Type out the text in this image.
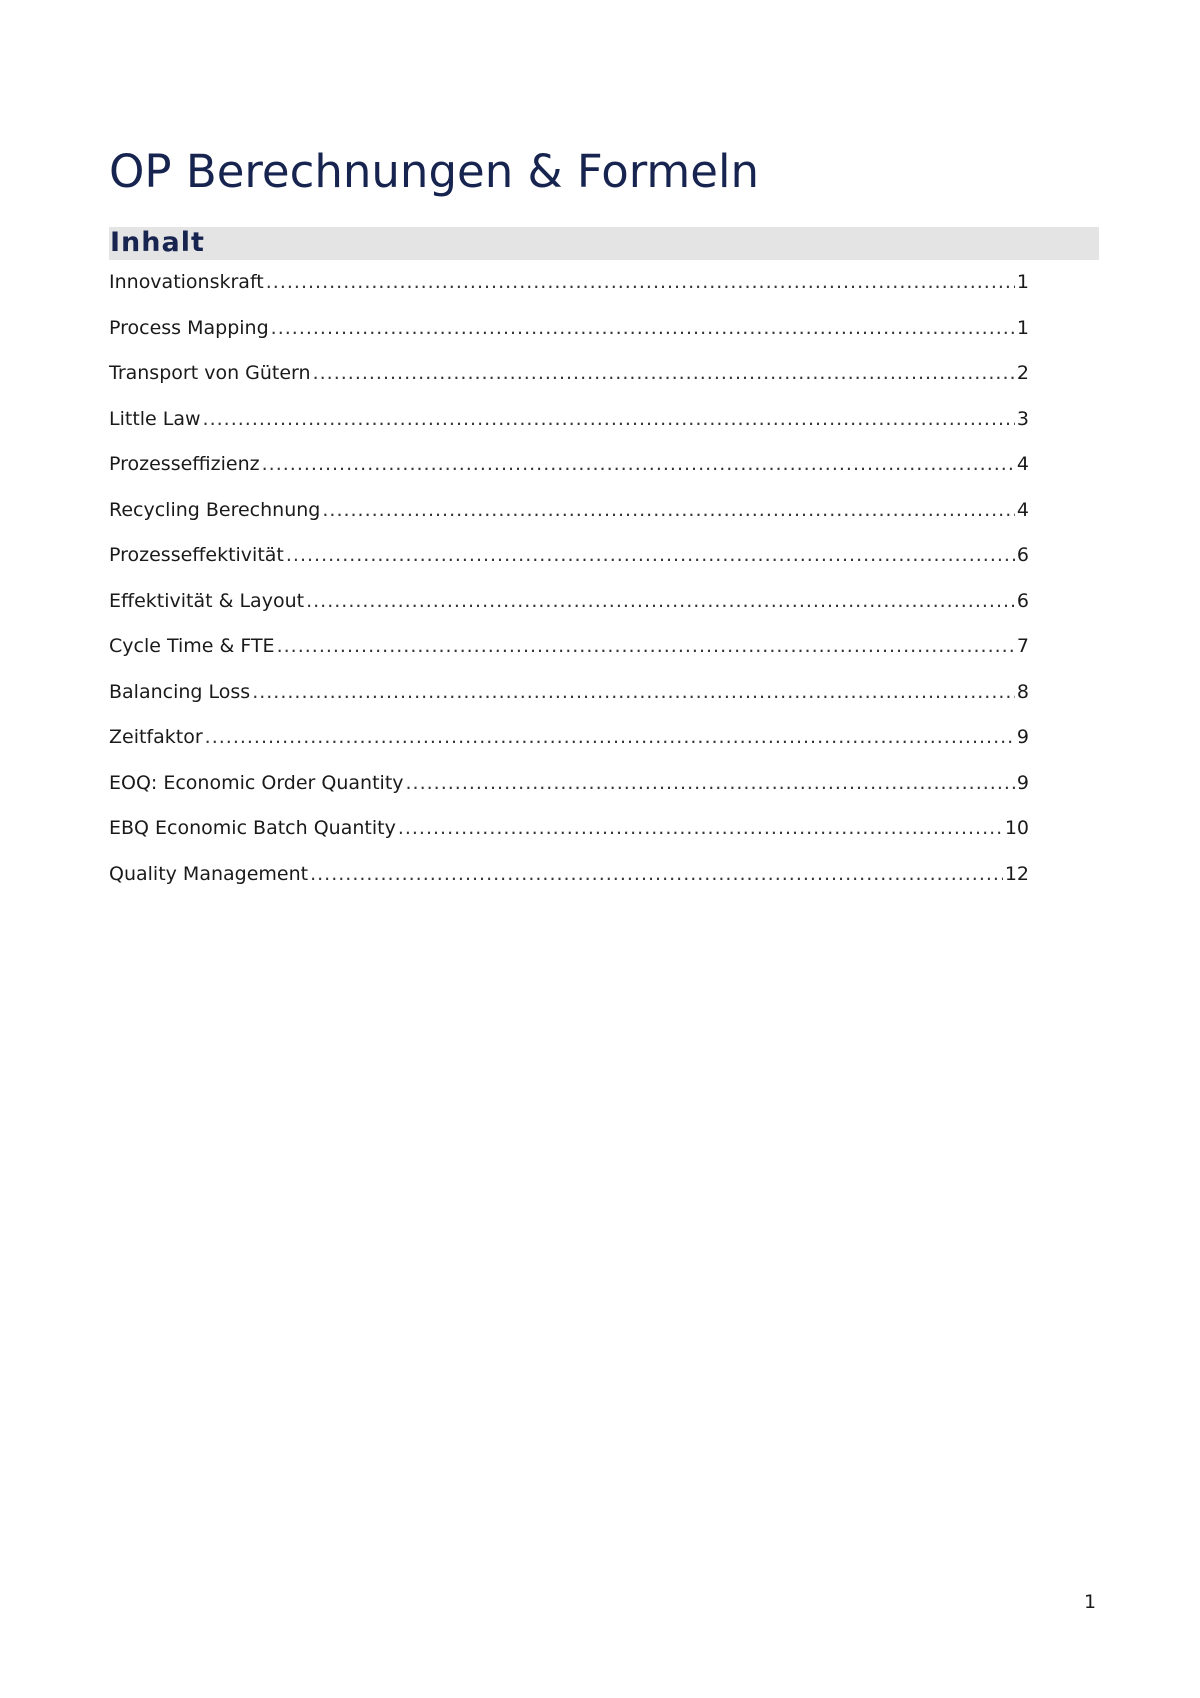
OP Berechnungen & Formeln
Inhalt
Innovationskraft .....	1
Process Mapping .....	1
Transport von Gütern .....	2
Little Law .....	3
Prozesseffizienz .....	4
Recycling Berechnung .....	4
Prozesseffektivität .....	6
Effektivität & Layout .....	6
Cycle Time & FTE .....	7
Balancing Loss .....	8
Zeitfaktor .....	9
EOQ: Economic Order Quantity .....	9
EBQ Economic Batch Quantity .....	10
Quality Management .....	12
1
